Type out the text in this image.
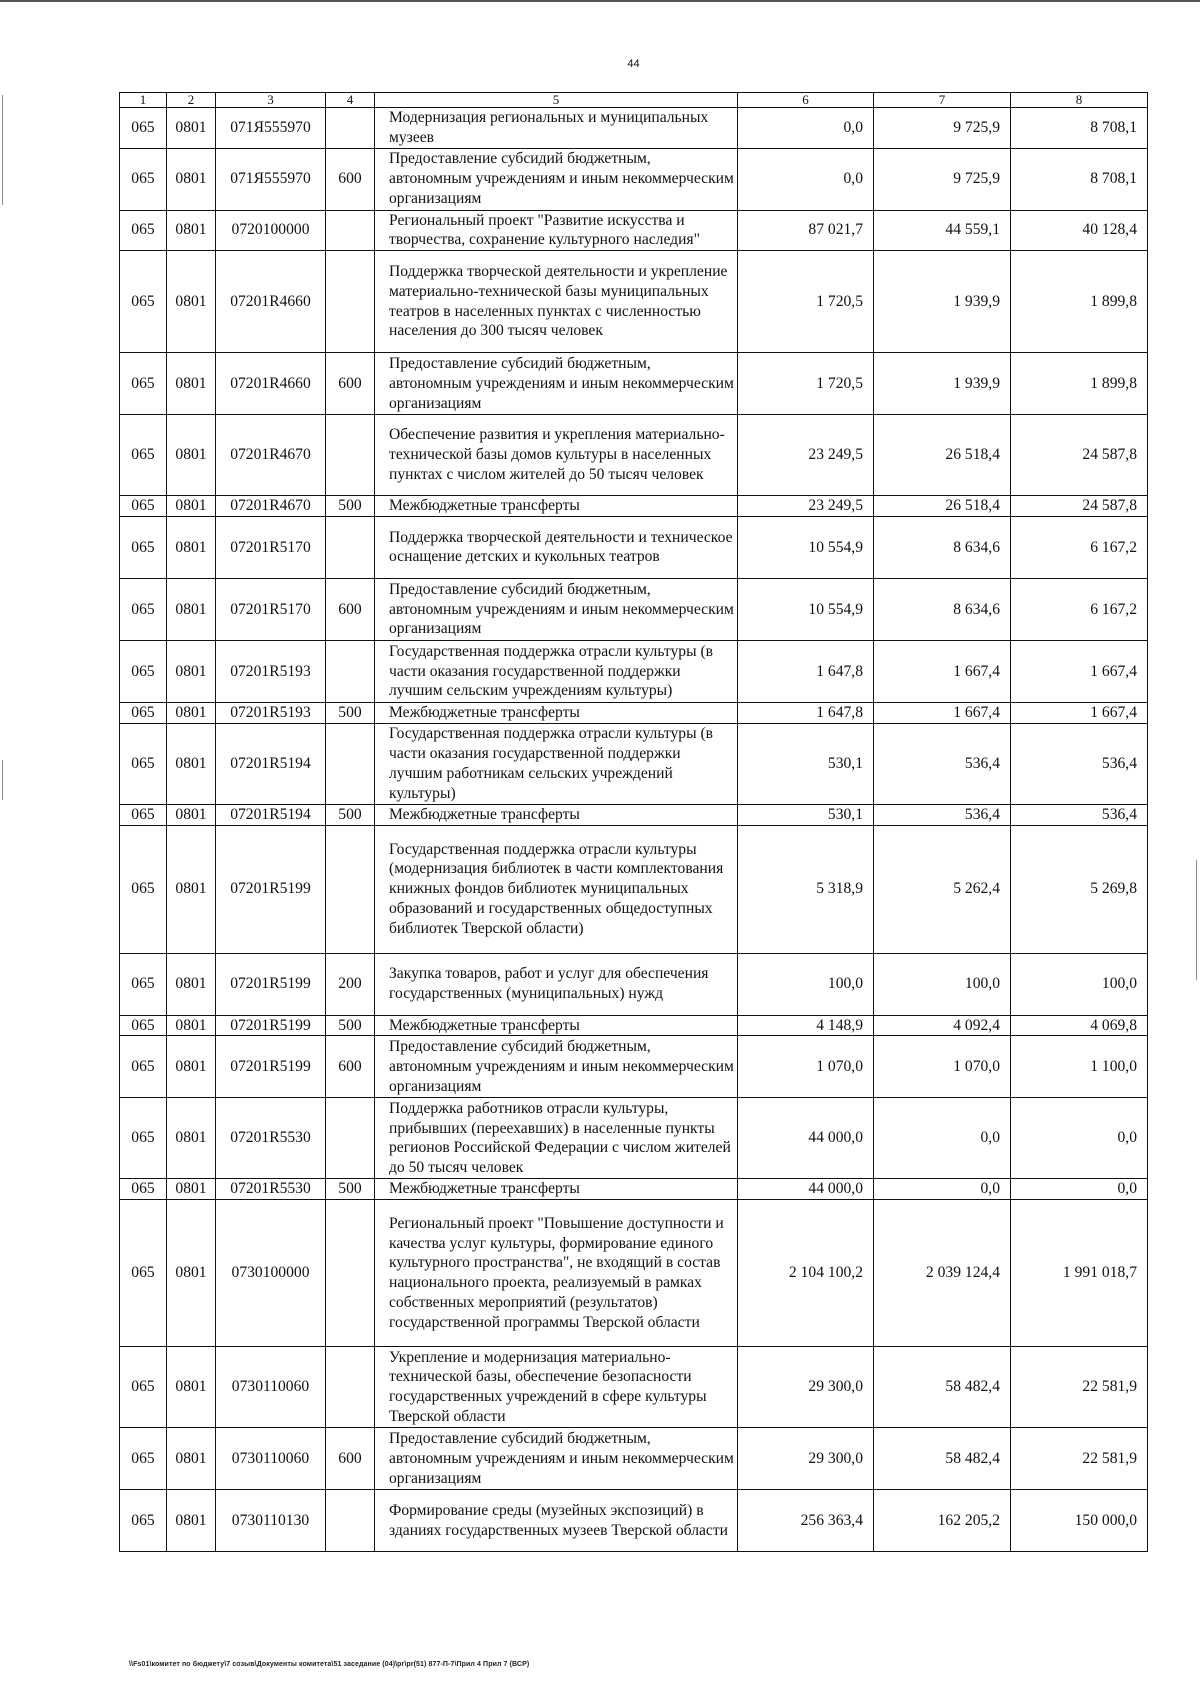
44
1	2	3	4	5	6	7	8
065	0801	071Я555970		Модернизация региональных и муниципальных музеев	0,0	9 725,9	8 708,1
065	0801	071Я555970	600	Предоставление субсидий бюджетным, автономным учреждениям и иным некоммерческим организациям	0,0	9 725,9	8 708,1
065	0801	0720100000		Региональный проект "Развитие искусства и творчества, сохранение культурного наследия"	87 021,7	44 559,1	40 128,4
065	0801	07201R4660		Поддержка творческой деятельности и укрепление материально-технической базы муниципальных театров в населенных пунктах с численностью населения до 300 тысяч человек	1 720,5	1 939,9	1 899,8
065	0801	07201R4660	600	Предоставление субсидий бюджетным, автономным учреждениям и иным некоммерческим организациям	1 720,5	1 939,9	1 899,8
065	0801	07201R4670		Обеспечение развития и укрепления материально-технической базы домов культуры в населенных пунктах с числом жителей до 50 тысяч человек	23 249,5	26 518,4	24 587,8
065	0801	07201R4670	500	Межбюджетные трансферты	23 249,5	26 518,4	24 587,8
065	0801	07201R5170		Поддержка творческой деятельности и техническое оснащение детских и кукольных театров	10 554,9	8 634,6	6 167,2
065	0801	07201R5170	600	Предоставление субсидий бюджетным, автономным учреждениям и иным некоммерческим организациям	10 554,9	8 634,6	6 167,2
065	0801	07201R5193		Государственная поддержка отрасли культуры (в части оказания государственной поддержки лучшим сельским учреждениям культуры)	1 647,8	1 667,4	1 667,4
065	0801	07201R5193	500	Межбюджетные трансферты	1 647,8	1 667,4	1 667,4
065	0801	07201R5194		Государственная поддержка отрасли культуры (в части оказания государственной поддержки лучшим работникам сельских учреждений культуры)	530,1	536,4	536,4
065	0801	07201R5194	500	Межбюджетные трансферты	530,1	536,4	536,4
065	0801	07201R5199		Государственная поддержка отрасли культуры (модернизация библиотек в части комплектования книжных фондов библиотек муниципальных образований и государственных общедоступных библиотек Тверской области)	5 318,9	5 262,4	5 269,8
065	0801	07201R5199	200	Закупка товаров, работ и услуг для обеспечения государственных (муниципальных) нужд	100,0	100,0	100,0
065	0801	07201R5199	500	Межбюджетные трансферты	4 148,9	4 092,4	4 069,8
065	0801	07201R5199	600	Предоставление субсидий бюджетным, автономным учреждениям и иным некоммерческим организациям	1 070,0	1 070,0	1 100,0
065	0801	07201R5530		Поддержка работников отрасли культуры, прибывших (переехавших) в населенные пункты регионов Российской Федерации с числом жителей до 50 тысяч человек	44 000,0	0,0	0,0
065	0801	07201R5530	500	Межбюджетные трансферты	44 000,0	0,0	0,0
065	0801	0730100000		Региональный проект "Повышение доступности и качества услуг культуры, формирование единого культурного пространства", не входящий в состав национального проекта, реализуемый в рамках собственных мероприятий (результатов) государственной программы Тверской области	2 104 100,2	2 039 124,4	1 991 018,7
065	0801	0730110060		Укрепление и модернизация материально-технической базы, обеспечение безопасности государственных учреждений в сфере культуры Тверской области	29 300,0	58 482,4	22 581,9
065	0801	0730110060	600	Предоставление субсидий бюджетным, автономным учреждениям и иным некоммерческим организациям	29 300,0	58 482,4	22 581,9
065	0801	0730110130		Формирование среды (музейных экспозиций) в зданиях государственных музеев Тверской области	256 363,4	162 205,2	150 000,0
\\Fs01\комитет по бюджету\7 созыв\Документы комитета\51 заседание (04)\pr\pr(51) 877-П-7\Прил 4 Прил 7 (ВСР)
